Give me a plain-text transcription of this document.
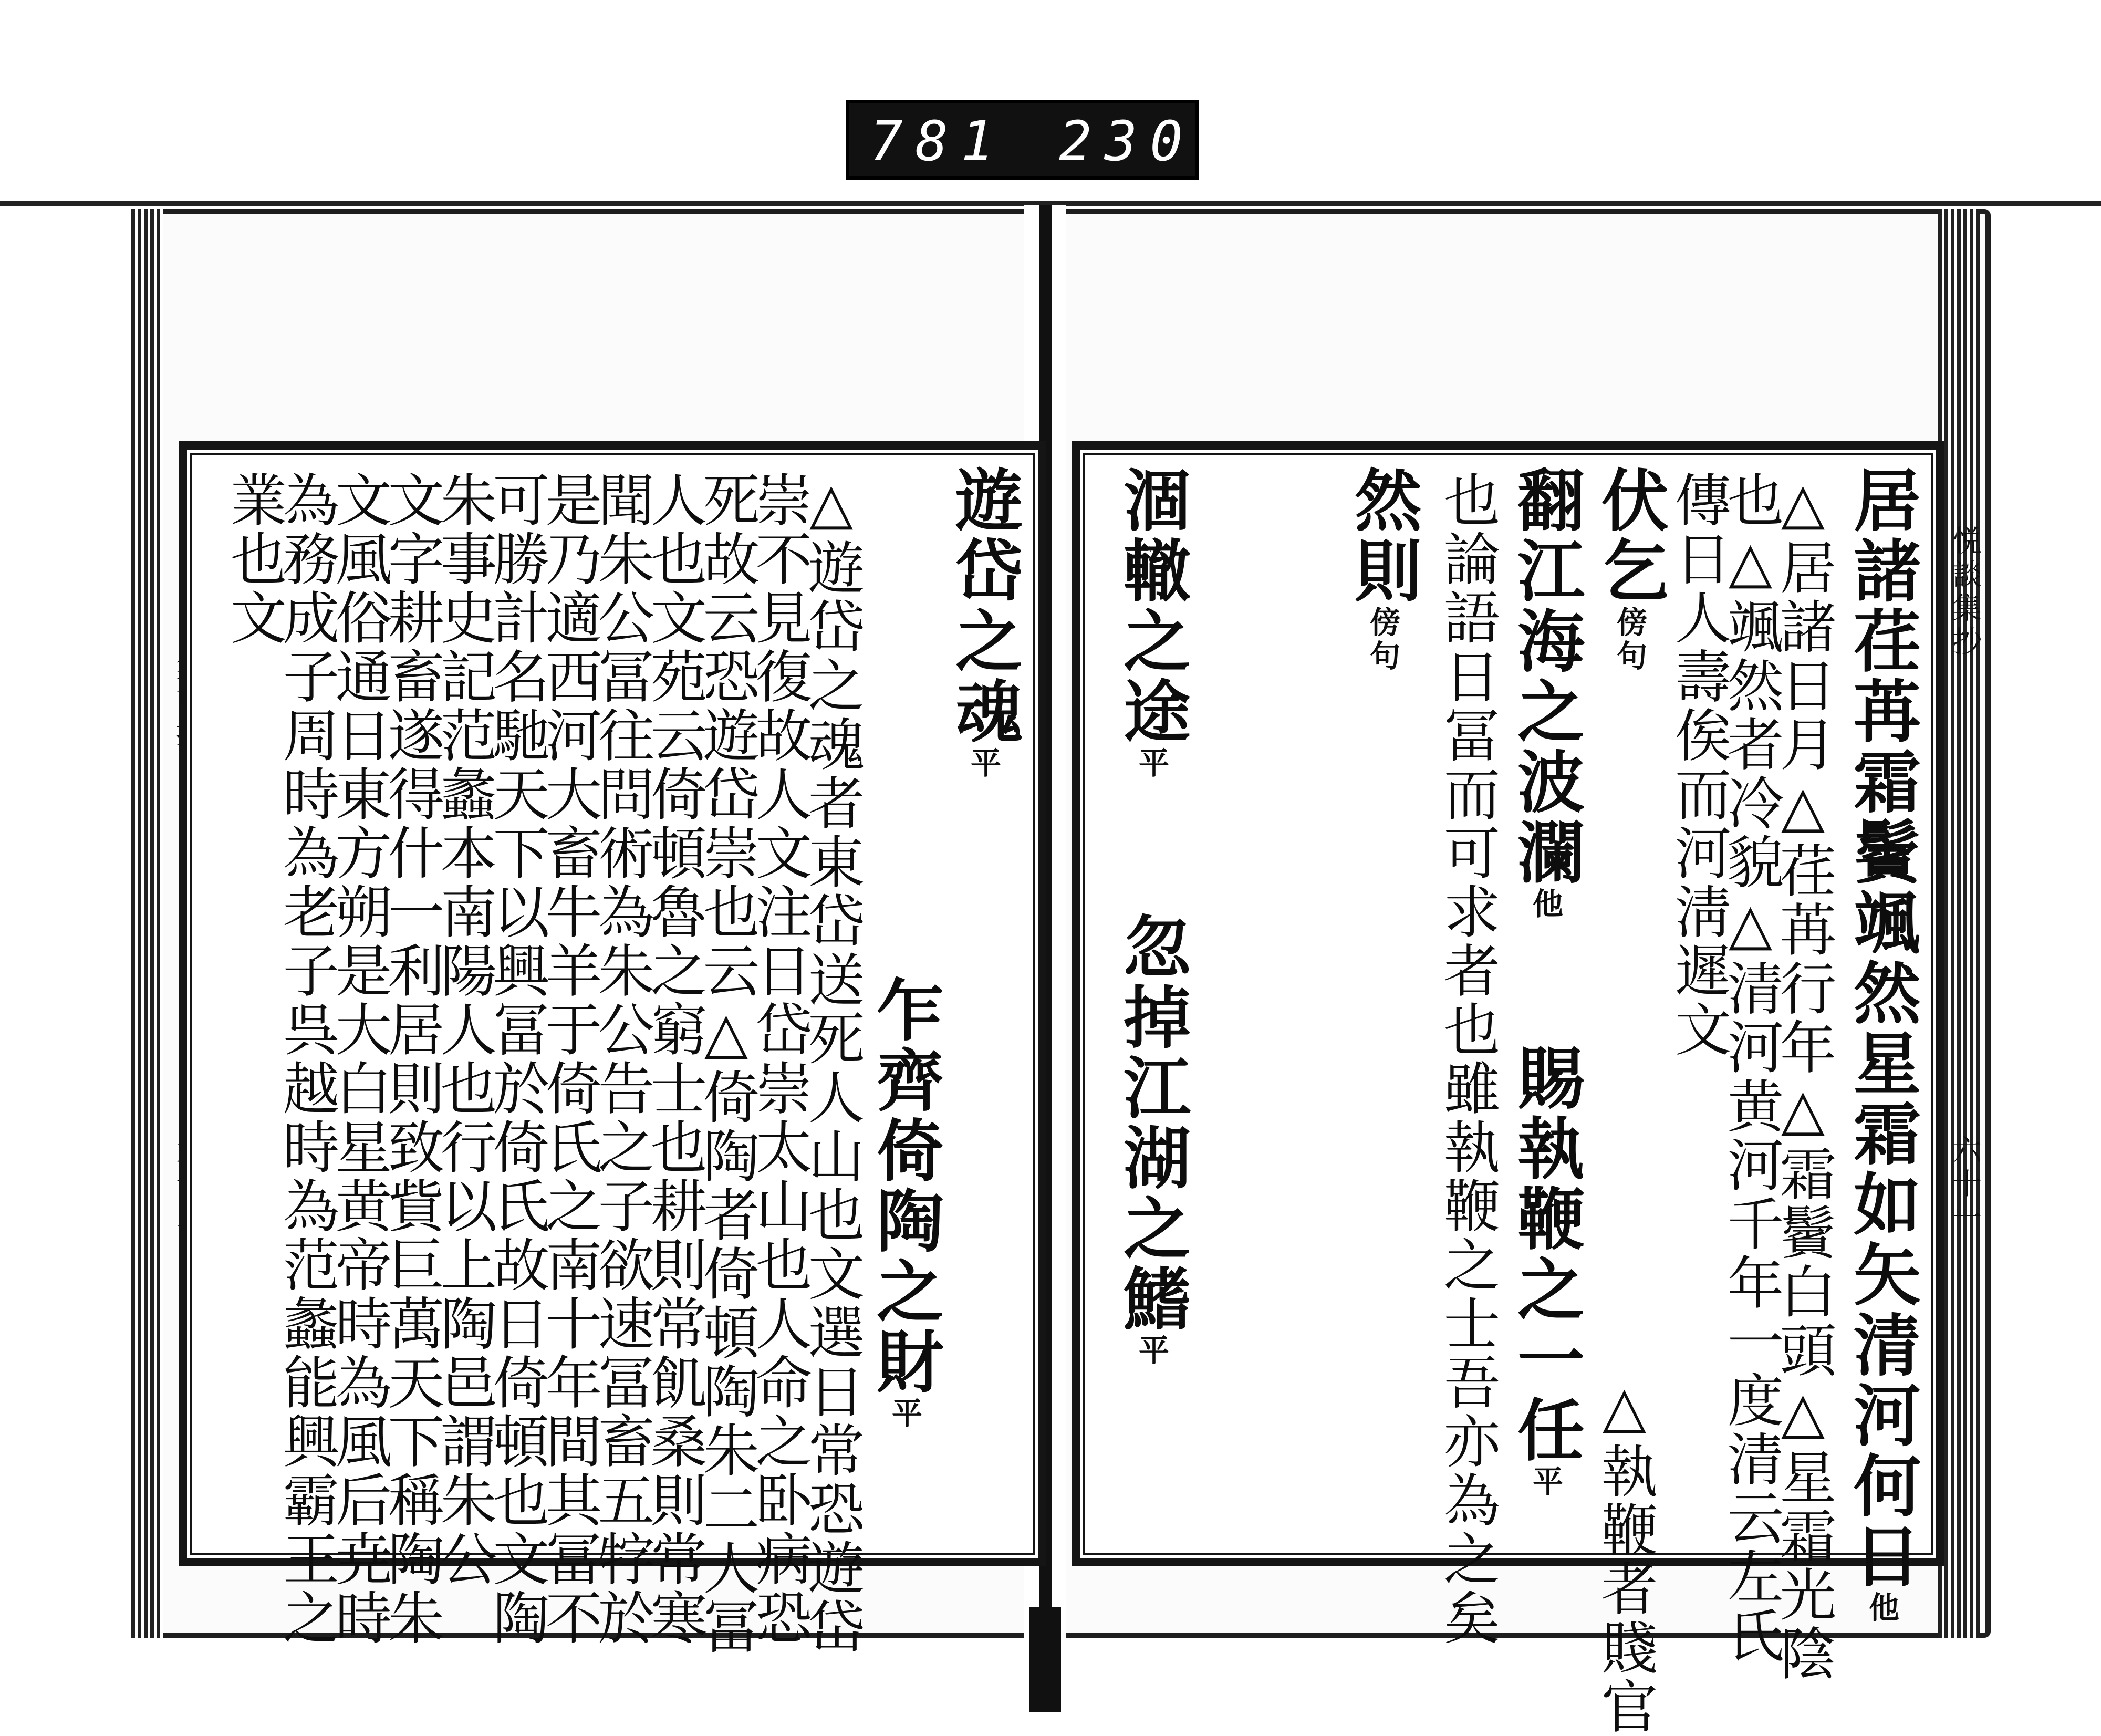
781 230.
悦談集抄
六十一
遊岱之魂平
乍齊倚陶之財平
△遊岱之魂者東岱送死人山也文選日常恐遊岱
崇不見復故人文注日岱崇太山也人命之卧病恐
死故云恐遊岱崇也云△倚陶者倚頓陶朱二人冨
人也文苑云倚頓魯之窮士也耕則常飢桑則常寒
聞朱公冨往問術為朱公告之子欲速冨畜五牸於
是乃適西河大畜牛羊于倚氏之南十年間其冨不
可勝計名馳天下以興冨於倚氏故日倚頓也文陶
朱事史記范蠡本南陽人也行以上陶邑謂朱公
文字耕畜遂得什一利居則致貲巨萬天下稱陶朱
文風俗通日東方朔是大白星黄帝時為風后尭時
為務成子周時為老子呉越時為范蠡能興霸王之
業也文	居諸荏苒霜鬢颯然星霜如矢清河何日他
△居諸日月△荏苒行年△霜鬢白頭△星霜光陰
也△颯然者冷貌△清河黄河千年一度清云左氏
傳日人壽俟而河淸遲文
伏乞傍句
翻江海之波瀾他
賜執鞭之一任平
也論語日冨而可求者也雖執鞭之士吾亦為之矣 △執鞭者賤官
然則傍句
涸轍之途平
忽掉江湖之鰭平
